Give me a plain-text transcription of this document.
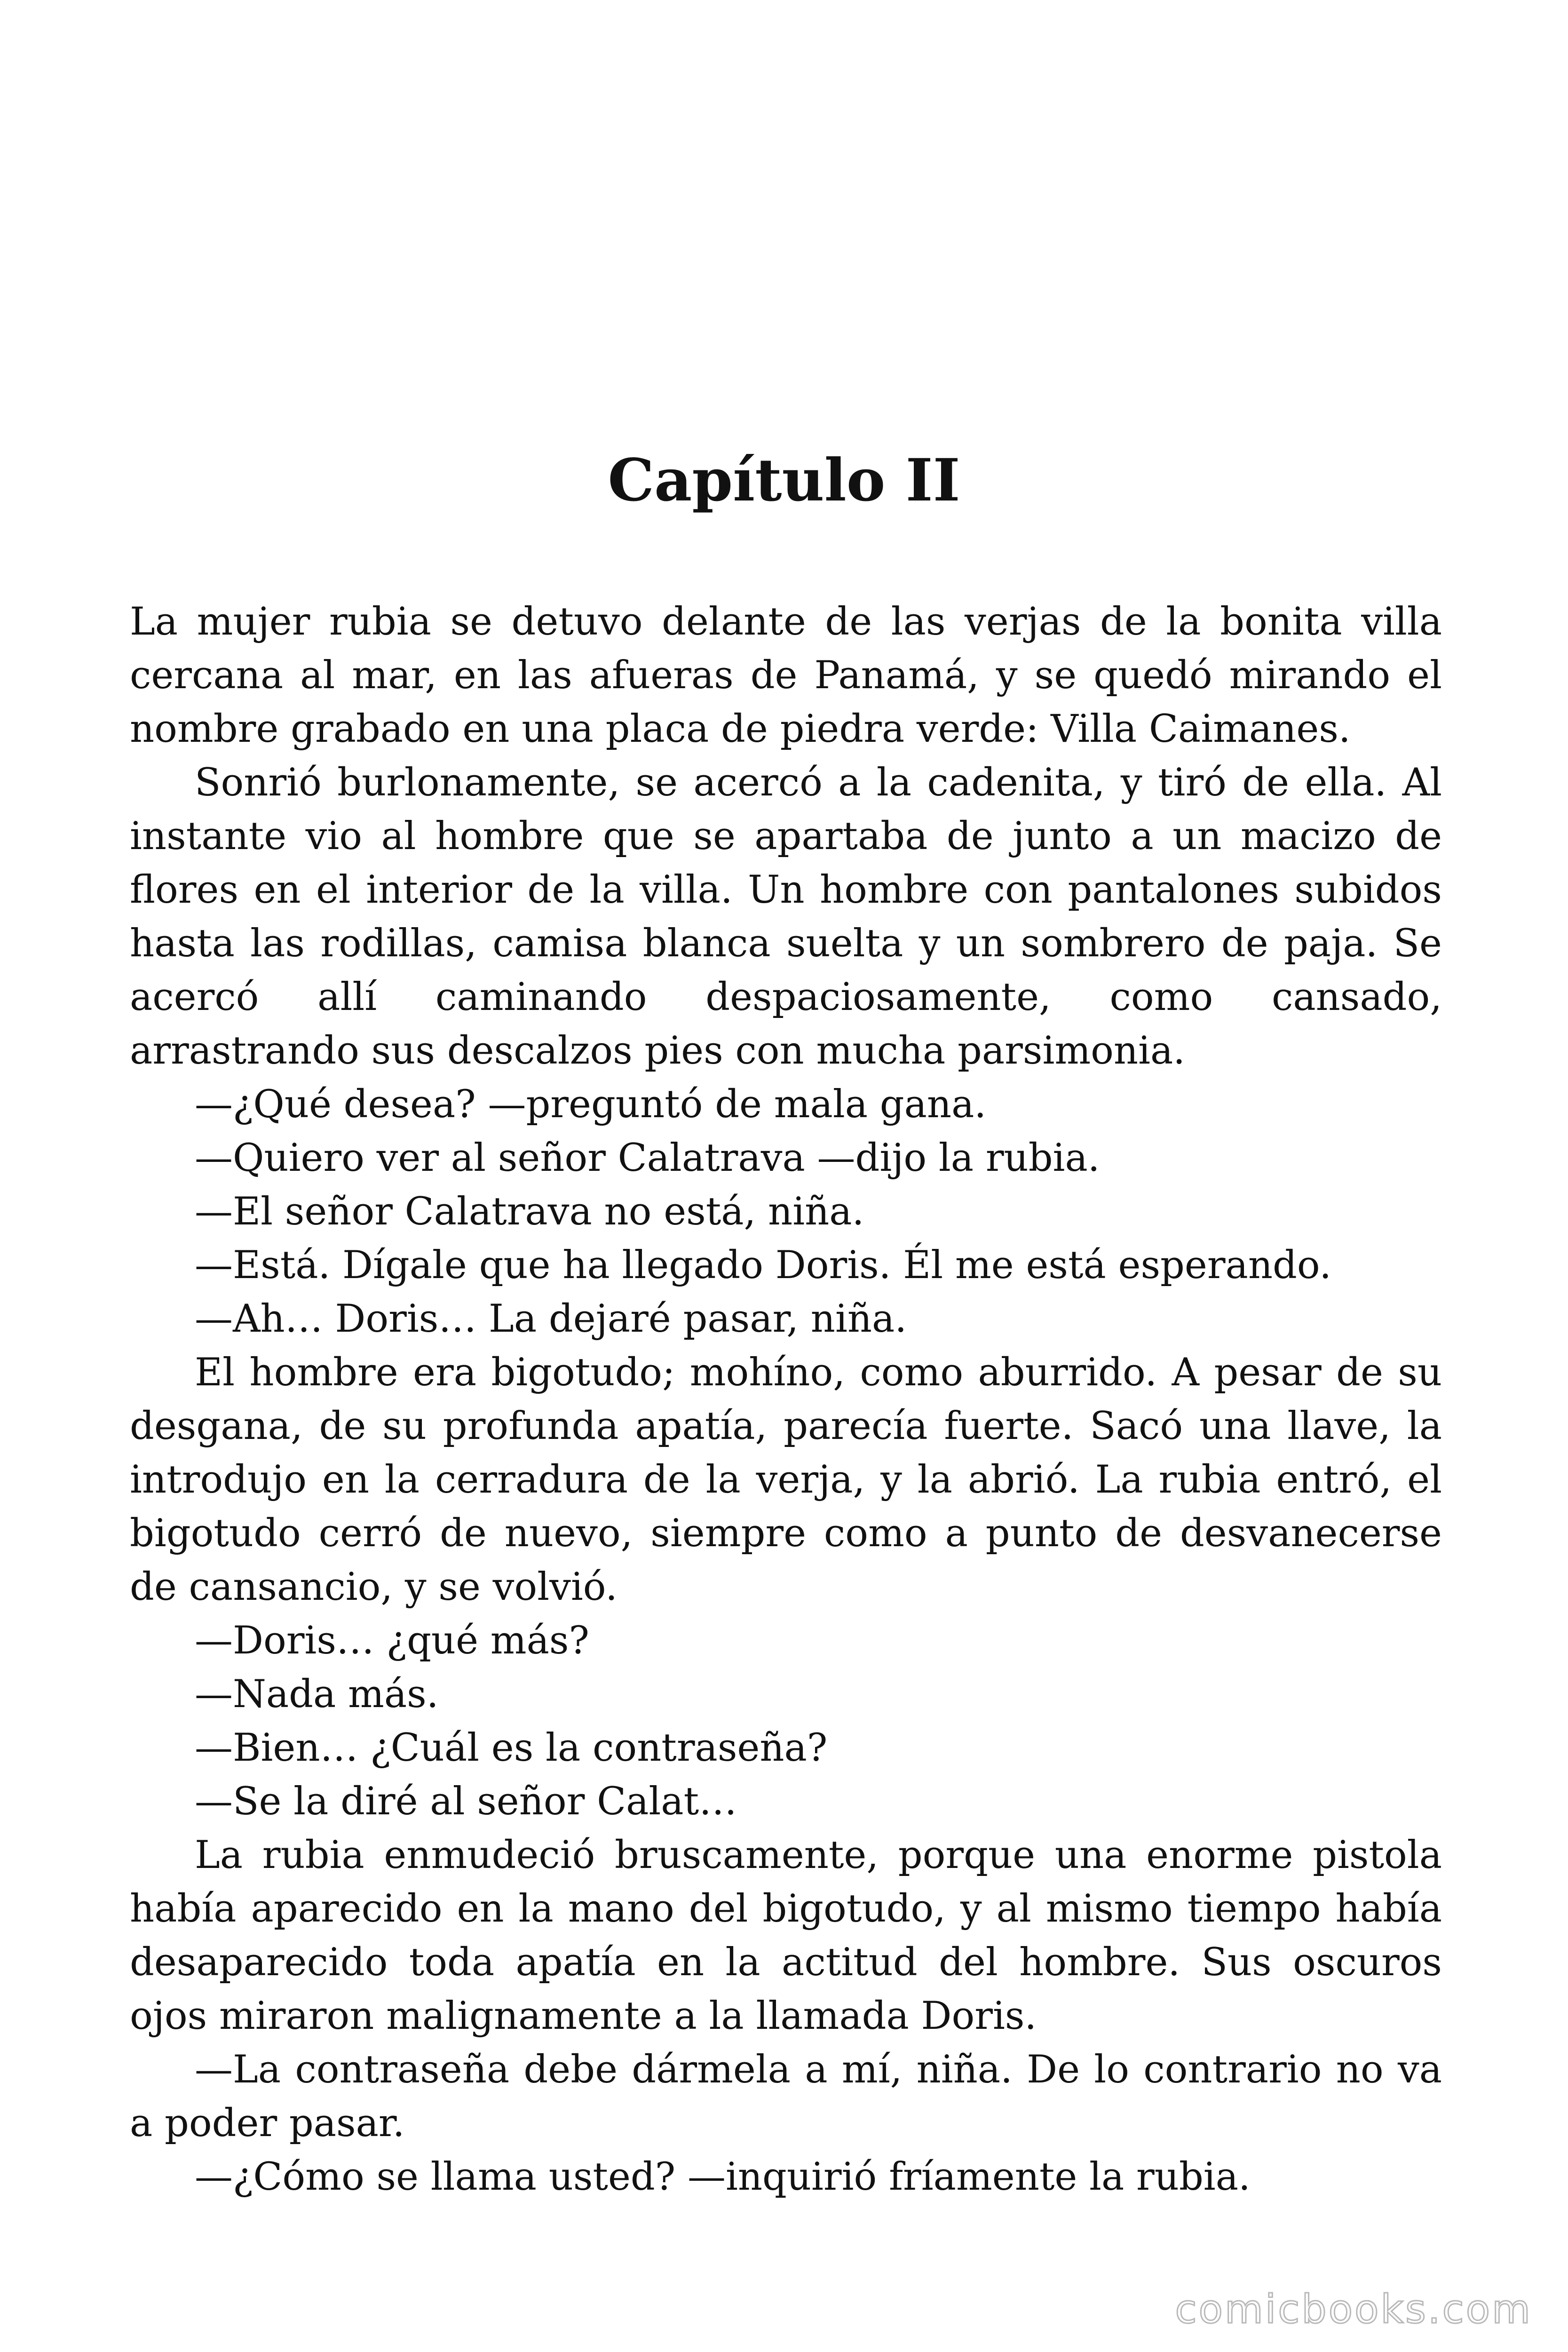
Capítulo II

La mujer rubia se detuvo delante de las verjas de la bonita villa cercana al mar, en las afueras de Panamá, y se quedó mirando el nombre grabado en una placa de piedra verde: Villa Caimanes.

Sonrió burlonamente, se acercó a la cadenita, y tiró de ella. Al instante vio al hombre que se apartaba de junto a un macizo de flores en el interior de la villa. Un hombre con pantalones subidos hasta las rodillas, camisa blanca suelta y un sombrero de paja. Se acercó allí caminando despaciosamente, como cansado, arrastrando sus descalzos pies con mucha parsimonia.

—¿Qué desea? —preguntó de mala gana.

—Quiero ver al señor Calatrava —dijo la rubia.

—El señor Calatrava no está, niña.

—Está. Dígale que ha llegado Doris. Él me está esperando.

—Ah… Doris… La dejaré pasar, niña.

El hombre era bigotudo; mohíno, como aburrido. A pesar de su desgana, de su profunda apatía, parecía fuerte. Sacó una llave, la introdujo en la cerradura de la verja, y la abrió. La rubia entró, el bigotudo cerró de nuevo, siempre como a punto de desvanecerse de cansancio, y se volvió.

—Doris… ¿qué más?

—Nada más.

—Bien… ¿Cuál es la contraseña?

—Se la diré al señor Calat…

La rubia enmudeció bruscamente, porque una enorme pistola había aparecido en la mano del bigotudo, y al mismo tiempo había desaparecido toda apatía en la actitud del hombre. Sus oscuros ojos miraron malignamente a la llamada Doris.

—La contraseña debe dármela a mí, niña. De lo contrario no va a poder pasar.

—¿Cómo se llama usted? —inquirió fríamente la rubia.

comicbooks.com
